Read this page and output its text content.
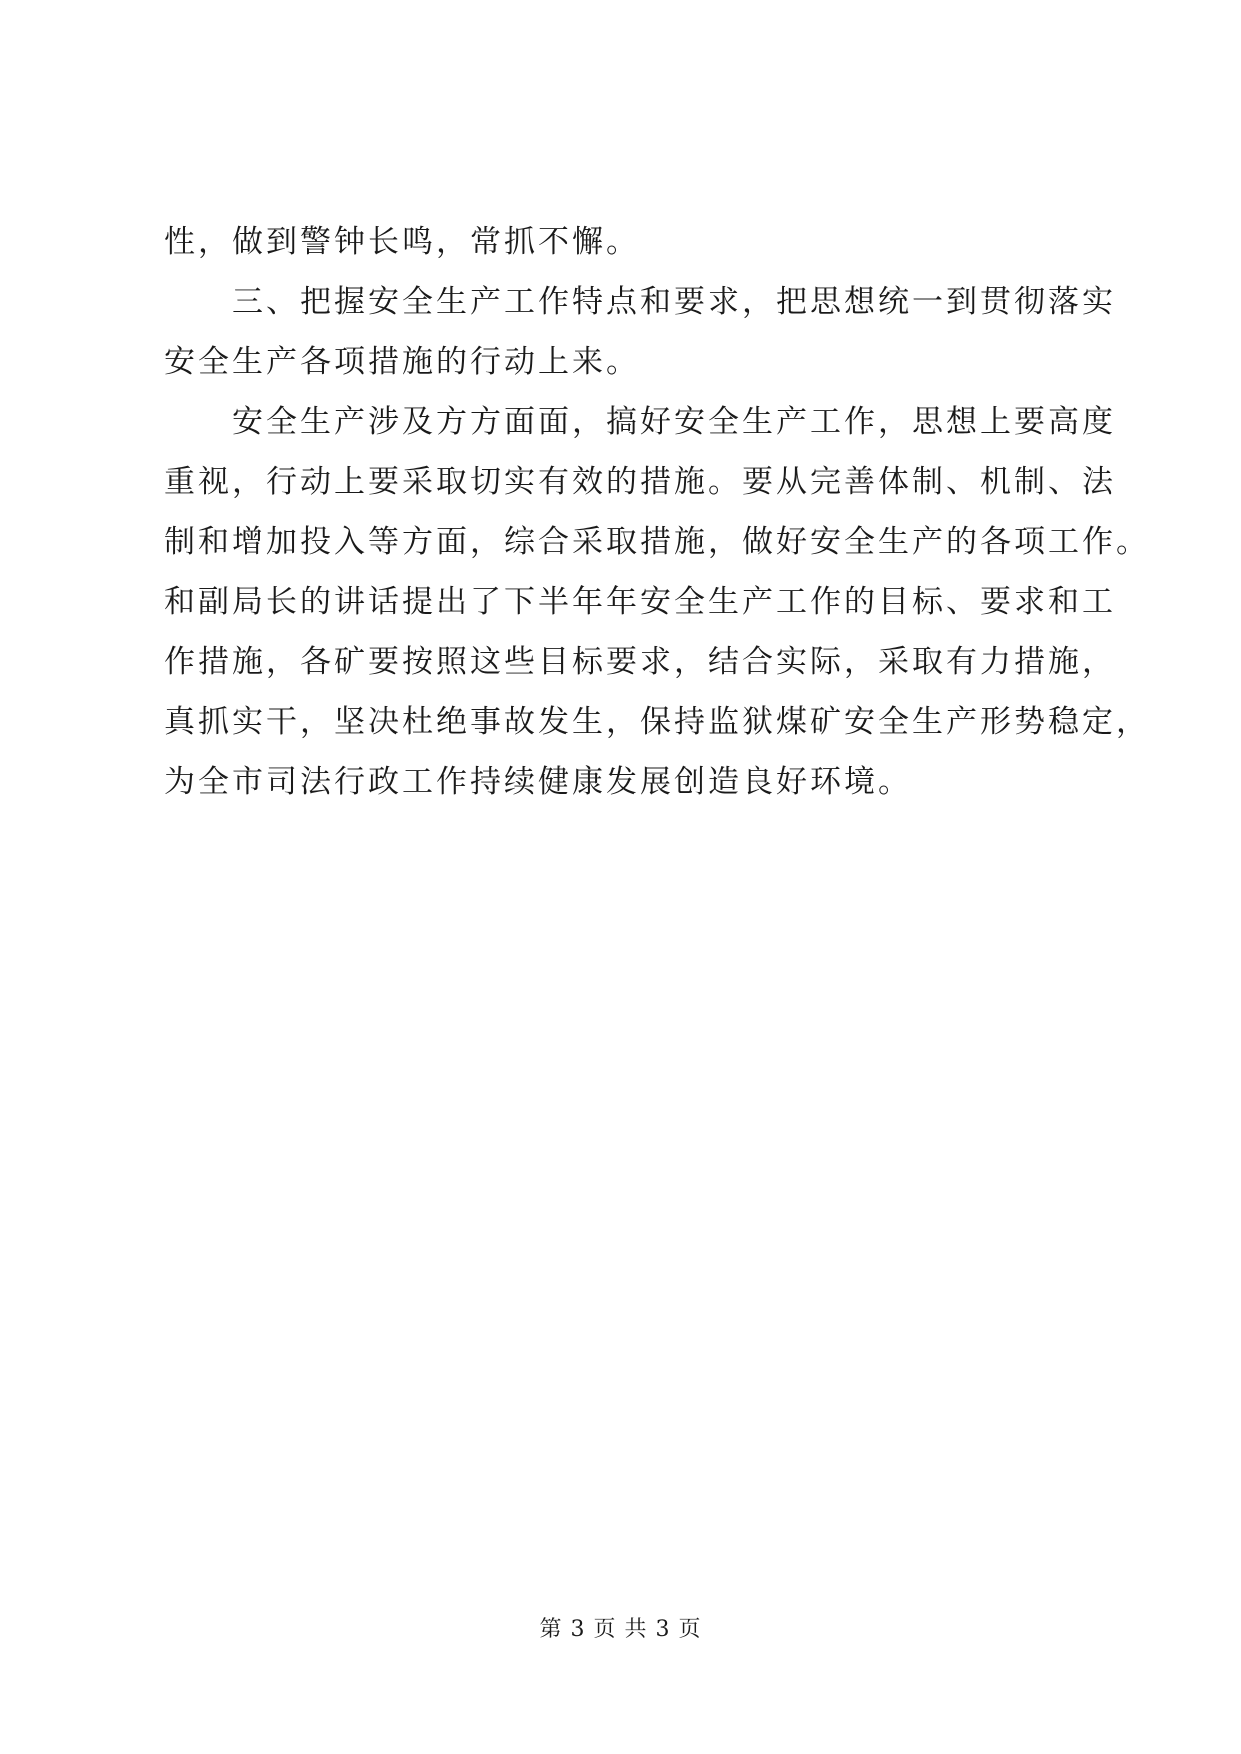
性，做到警钟长鸣，常抓不懈。
三、把握安全生产工作特点和要求，把思想统一到贯彻落实
安全生产各项措施的行动上来。
安全生产涉及方方面面，搞好安全生产工作，思想上要高度
重视，行动上要采取切实有效的措施。要从完善体制、机制、法
制和增加投入等方面，综合采取措施，做好安全生产的各项工作。
和副局长的讲话提出了下半年年安全生产工作的目标、要求和工
作措施，各矿要按照这些目标要求，结合实际，采取有力措施，
真抓实干，坚决杜绝事故发生，保持监狱煤矿安全生产形势稳定，
为全市司法行政工作持续健康发展创造良好环境。
第 3 页 共 3 页
